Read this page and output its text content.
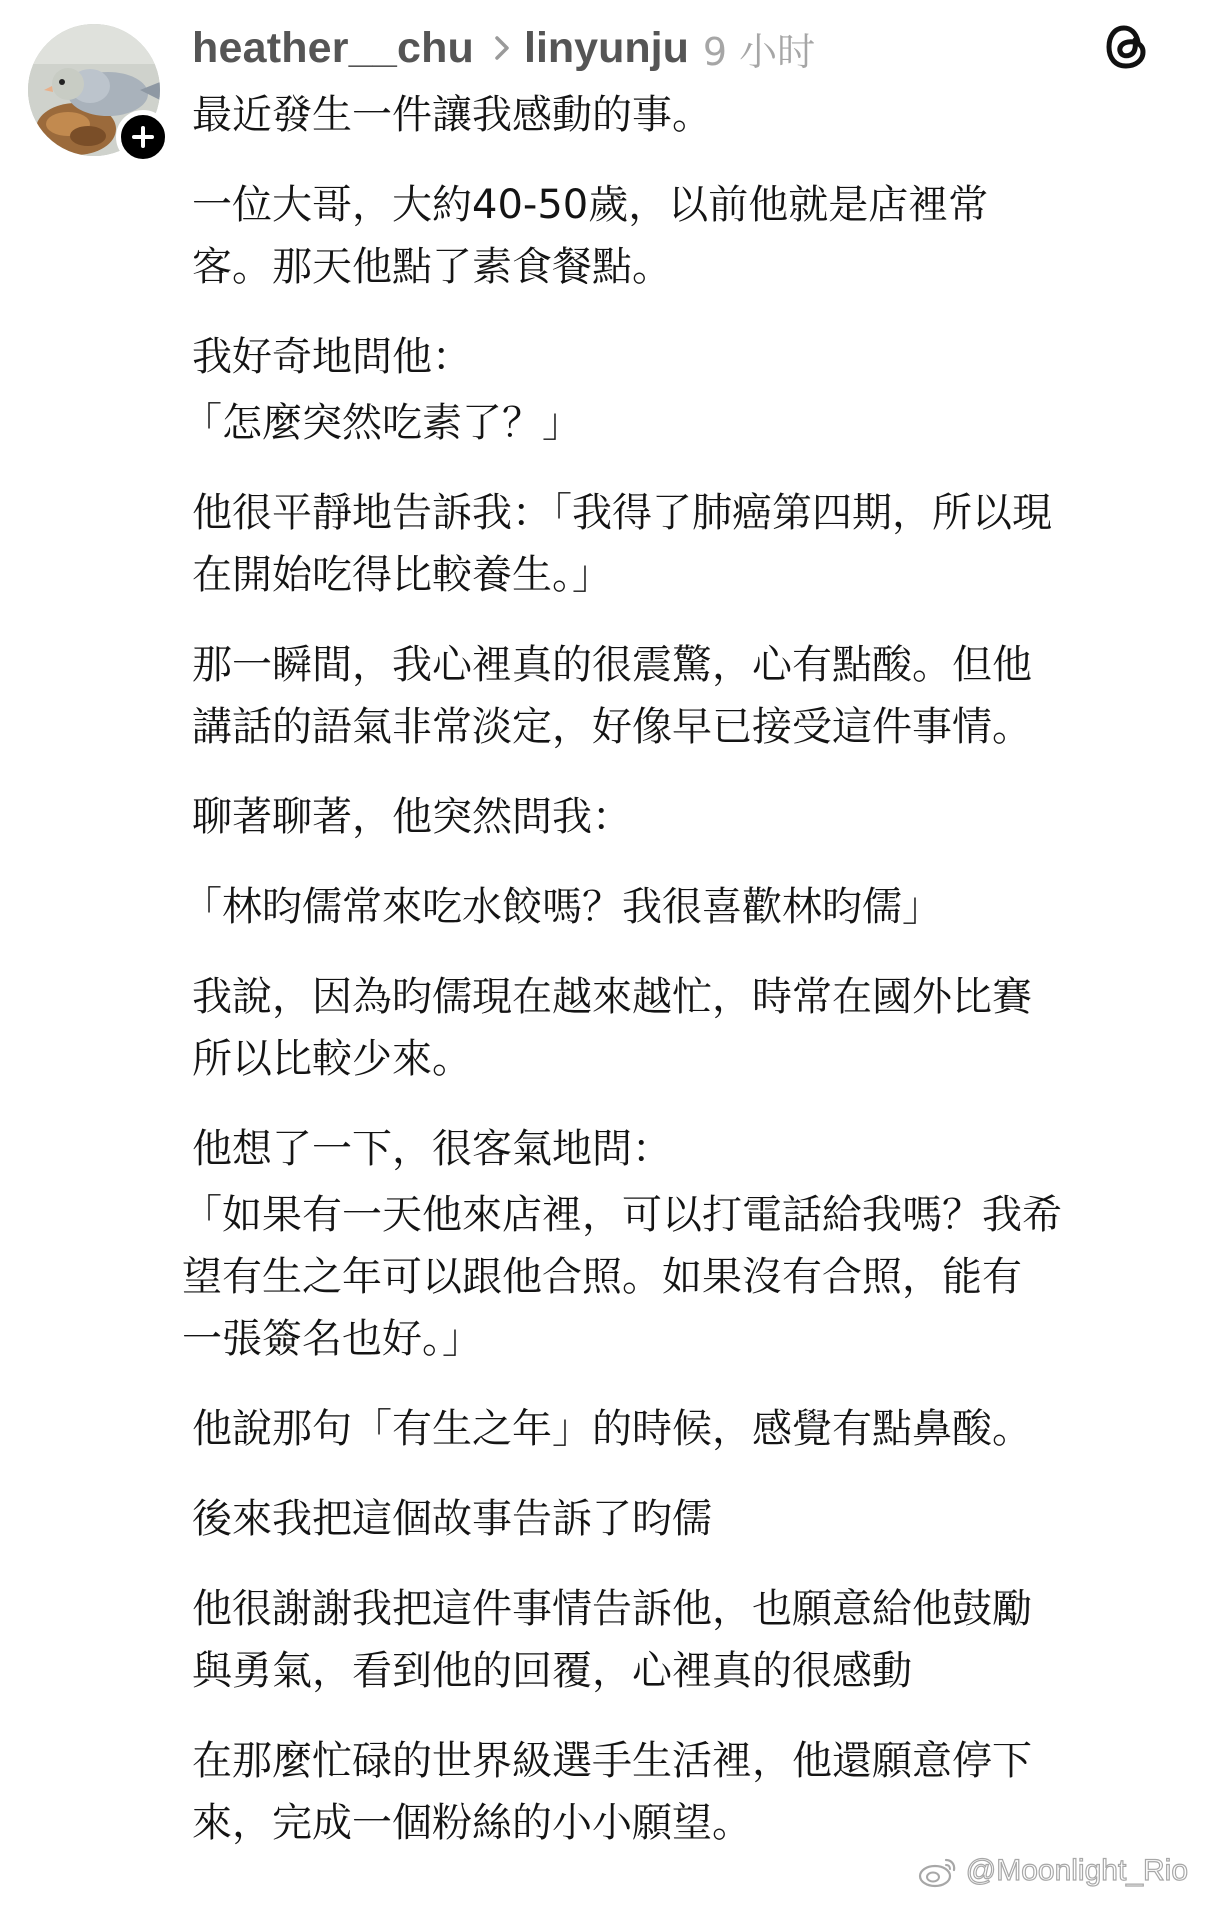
heather__chu linyunju 9 小时

最近發生一件讓我感動的事。

一位大哥，大約40-50歲，以前他就是店裡常
客。那天他點了素食餐點。

我好奇地問他：

「怎麼突然吃素了？」

他很平靜地告訴我：「我得了肺癌第四期，所以現
在開始吃得比較養生。」

那一瞬間，我心裡真的很震驚，心有點酸。但他
講話的語氣非常淡定，好像早已接受這件事情。

聊著聊著，他突然問我：

「林昀儒常來吃水餃嗎？我很喜歡林昀儒」

我說，因為昀儒現在越來越忙，時常在國外比賽
所以比較少來。

他想了一下，很客氣地問：

「如果有一天他來店裡，可以打電話給我嗎？我希
望有生之年可以跟他合照。如果沒有合照，能有
一張簽名也好。」

他說那句「有生之年」的時候，感覺有點鼻酸。

後來我把這個故事告訴了昀儒

他很謝謝我把這件事情告訴他，也願意給他鼓勵
與勇氣，看到他的回覆，心裡真的很感動

在那麼忙碌的世界級選手生活裡，他還願意停下
來，完成一個粉絲的小小願望。

@Moonlight_Rio
